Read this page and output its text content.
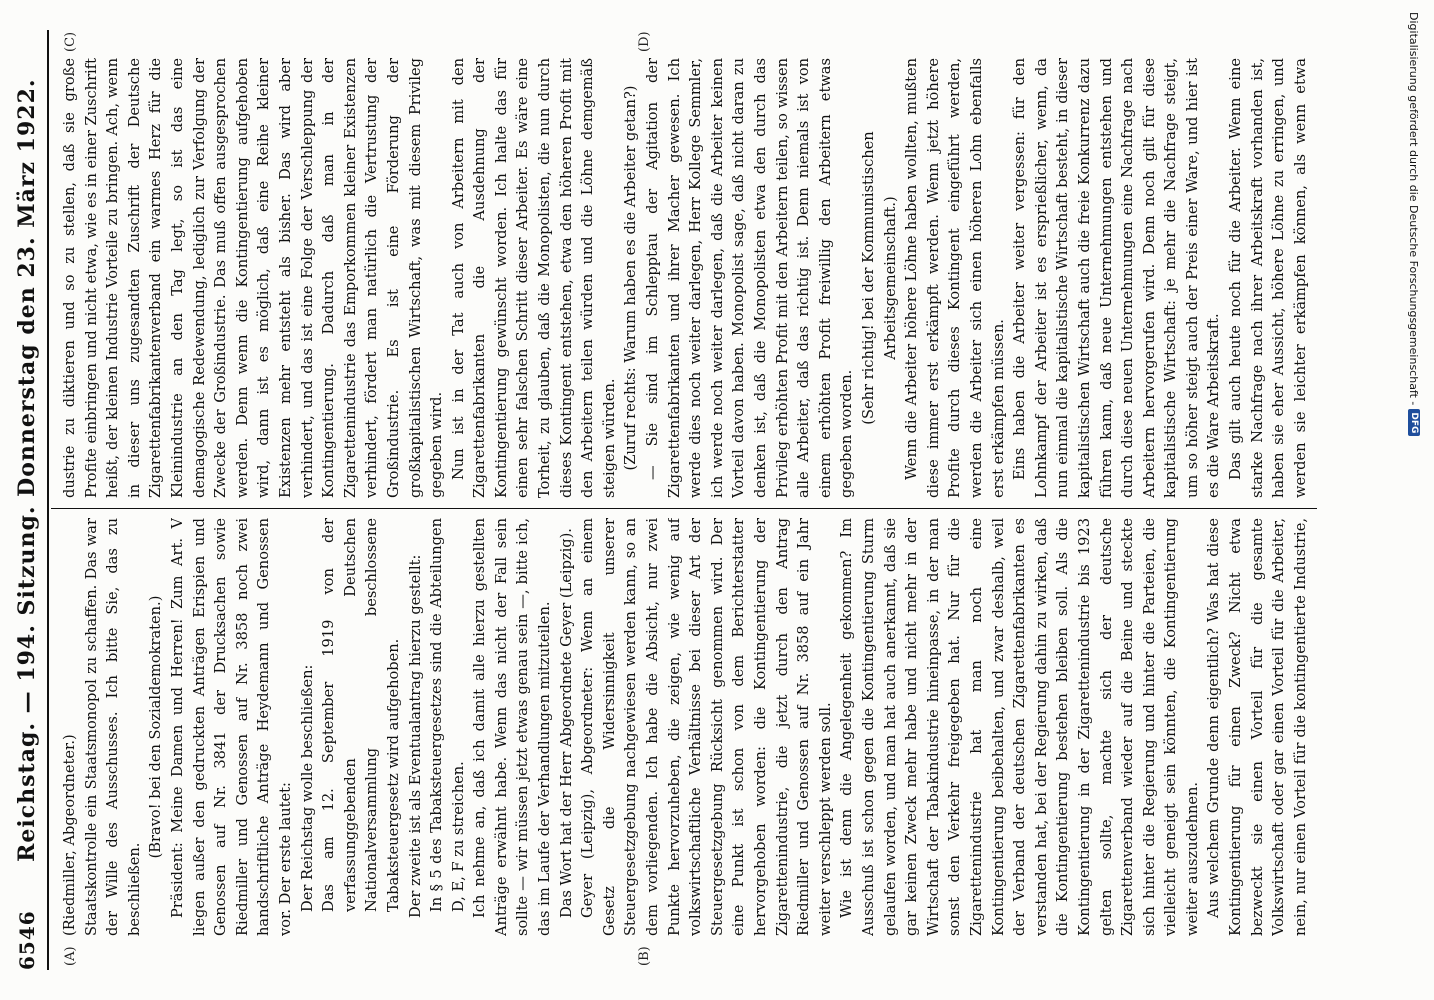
6546
Reichstag. — 194. Sitzung. Donnerstag den 23. März 1922.
(A)	(B)
(C)	(D)

(Riedmiller, Abgeordneter.) Staatskontrolle ein Staatsmonopol zu schaffen. Das war der Wille des Ausschusses. Ich bitte Sie, das zu beschließen.

(Bravo! bei den Sozialdemokraten.) Präsident: Meine Damen und Herren! Zum Art. V liegen außer den gedruckten Anträgen Erispien und Genossen auf Nr. 3841 der Drucksachen sowie Riedmiller und Genossen auf Nr. 3858 noch zwei handschriftliche Anträge Heydemann und Genossen vor. Der erste lautet: Der Reichstag wolle beschließen: Das am 12. September 1919 von der verfassunggebenden Deutschen Nationalversammlung beschlossene Tabaksteuergesetz wird aufgehoben. Der zweite ist als Eventualantrag hierzu gestellt: In § 5 des Tabaksteuergesetzes sind die Abteilungen D, E, F zu streichen. Ich nehme an, daß ich damit alle hierzu gestellten Anträge erwähnt habe. Wenn das nicht der Fall sein sollte — wir müssen jetzt etwas genau sein —, bitte ich, das im Laufe der Verhandlungen mitzuteilen. Das Wort hat der Herr Abgeordnete Geyer (Leipzig). Geyer (Leipzig), Abgeordneter: Wenn an einem Gesetz die Widersinnigkeit unserer Steuergesetzgebung nachgewiesen werden kann, so an dem vorliegenden. Ich habe die Absicht, nur zwei Punkte hervorzuheben, die zeigen, wie wenig auf volkswirtschaftliche Verhältnisse bei dieser Art der Steuergesetzgebung Rücksicht genommen wird. Der eine Punkt ist schon von dem Berichterstatter hervorgehoben worden: die Kontingentierung der Zigarettenindustrie, die jetzt durch den Antrag Riedmiller und Genossen auf Nr. 3858 auf ein Jahr weiter verschleppt werden soll. Wie ist denn die Angelegenheit gekommen? Im Ausschuß ist schon gegen die Kontingentierung Sturm gelaufen worden, und man hat auch anerkannt, daß sie gar keinen Zweck mehr habe und nicht mehr in der Wirtschaft der Tabakindustrie hineinpasse, in der man sonst den Verkehr freigegeben hat. Nur für die Zigarettenindustrie hat man noch eine Kontingentierung beibehalten, und zwar deshalb, weil der Verband der deutschen Zigarettenfabrikanten es verstanden hat, bei der Regierung dahin zu wirken, daß die Kontingentierung bestehen bleiben soll. Als die Kontingentierung in der Zigarettenindustrie bis 1923 gelten sollte, machte sich der deutsche Zigarettenverband wieder auf die Beine und steckte sich hinter die Regierung und hinter die Parteien, die vielleicht geneigt sein könnten, die Kontingentierung weiter auszudehnen. Aus welchem Grunde denn eigentlich? Was hat diese Kontingentierung für einen Zweck? Nicht etwa bezweckt sie einen Vorteil für die gesamte Volkswirtschaft oder gar einen Vorteil für die Arbeiter, nein, nur einen Vorteil für die kontingentierte Industrie,

dustrie zu diktieren und so zu stellen, daß sie große Profite einbringen und nicht etwa, wie es in einer Zuschrift heißt, der kleinen Industrie Vorteile zu bringen. Ach, wenn in dieser uns zugesandten Zuschrift der Deutsche Zigarettenfabrikantenverband ein warmes Herz für die Kleinindustrie an den Tag legt, so ist das eine demagogische Redewendung, lediglich zur Verfolgung der Zwecke der Großindustrie. Das muß offen ausgesprochen werden. Denn wenn die Kontingentierung aufgehoben wird, dann ist es möglich, daß eine Reihe kleiner Existenzen mehr entsteht als bisher. Das wird aber verhindert, und das ist eine Folge der Verschleppung der Kontingentierung. Dadurch daß man in der Zigarettenindustrie das Emporkommen kleiner Existenzen verhindert, fördert man natürlich die Vertrustung der Großindustrie. Es ist eine Förderung der großkapitalistischen Wirtschaft, was mit diesem Privileg gegeben wird. Nun ist in der Tat auch von Arbeitern mit den Zigarettenfabrikanten die Ausdehnung der Kontingentierung gewünscht worden. Ich halte das für einen sehr falschen Schritt dieser Arbeiter. Es wäre eine Torheit, zu glauben, daß die Monopolisten, die nun durch dieses Kontingent entstehen, etwa den höheren Profit mit den Arbeitern teilen würden und die Löhne demgemäß steigen würden. (Zuruf rechts: Warum haben es die Arbeiter getan?) — Sie sind im Schlepptau der Agitation der Zigarettenfabrikanten und ihrer Macher gewesen. Ich werde dies noch weiter darlegen, Herr Kollege Semmler, ich werde noch weiter darlegen, daß die Arbeiter keinen Vorteil davon haben. Monopolist sage, daß nicht daran zu denken ist, daß die Monopolisten etwa den durch das Privileg erhöhten Profit mit den Arbeitern teilen, so wissen alle Arbeiter, daß das richtig ist. Denn niemals ist von einem erhöhten Profit freiwillig den Arbeitern etwas gegeben worden.

(Sehr richtig! bei der Kommunistischen Arbeitsgemeinschaft.) Wenn die Arbeiter höhere Löhne haben wollten, mußten diese immer erst erkämpft werden. Wenn jetzt höhere Profite durch dieses Kontingent eingeführt werden, werden die Arbeiter sich einen höheren Lohn ebenfalls erst erkämpfen müssen. Eins haben die Arbeiter weiter vergessen: für den Lohnkampf der Arbeiter ist es ersprießlicher, wenn, da nun einmal die kapitalistische Wirtschaft besteht, in dieser kapitalistischen Wirtschaft auch die freie Konkurrenz dazu führen kann, daß neue Unternehmungen entstehen und durch diese neuen Unternehmungen eine Nachfrage nach Arbeitern hervorgerufen wird. Denn noch gilt für diese kapitalistische Wirtschaft: je mehr die Nachfrage steigt, um so höher steigt auch der Preis einer Ware, und hier ist es die Ware Arbeitskraft. Das gilt auch heute noch für die Arbeiter. Wenn eine starke Nachfrage nach ihrer Arbeitskraft vorhanden ist, haben sie eher Aussicht, höhere Löhne zu erringen, und werden sie leichter erkämpfen können, als wenn etwa	Digitalisierung gefördert durch die Deutsche Forschungsgemeinschaft -
DFG
